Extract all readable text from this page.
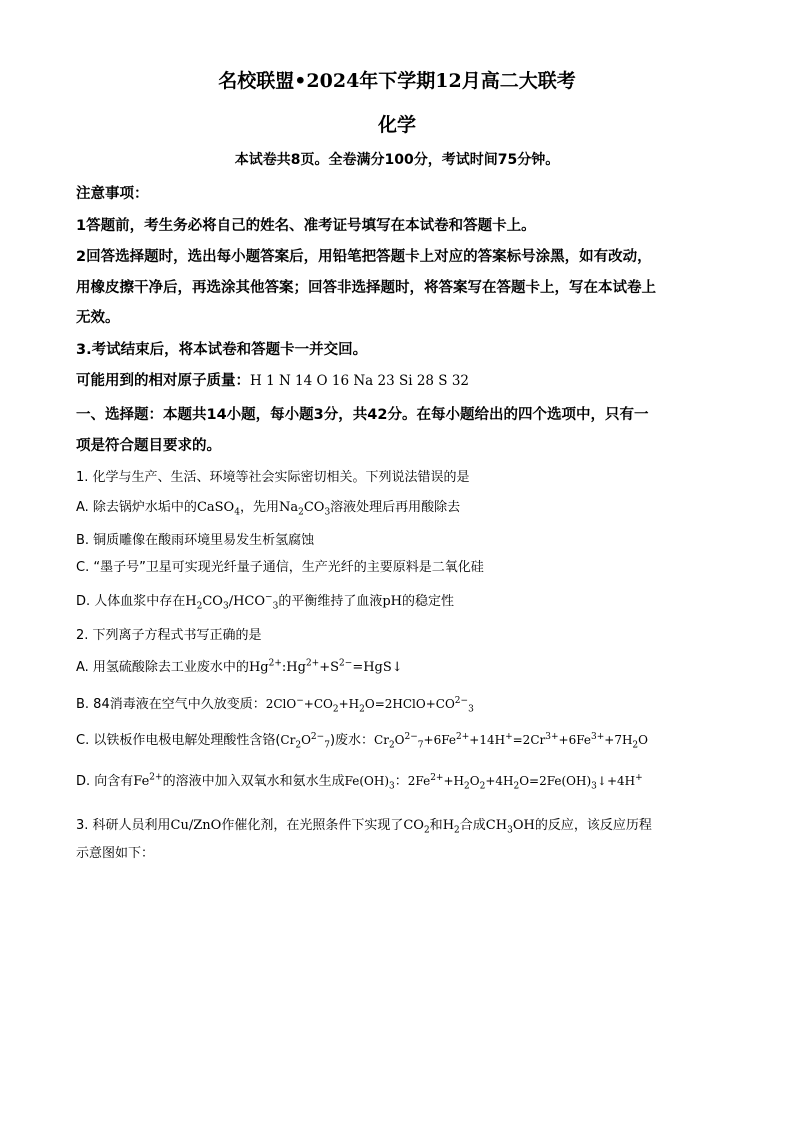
名校联盟•2024年下学期12月高二大联考
化学
本试卷共8页。全卷满分100分，考试时间75分钟。
注意事项：
1答题前，考生务必将自己的姓名、准考证号填写在本试卷和答题卡上。
2回答选择题时，选出每小题答案后，用铅笔把答题卡上对应的答案标号涂黑，如有改动，
用橡皮擦干净后，再选涂其他答案；回答非选择题时，将答案写在答题卡上，写在本试卷上
无效。
3.考试结束后，将本试卷和答题卡一并交回。
可能用到的相对原子质量：H 1 N 14 O 16 Na 23 Si 28 S 32
一、选择题：本题共14小题，每小题3分，共42分。在每小题给出的四个选项中，只有一
项是符合题目要求的。
1. 化学与生产、生活、环境等社会实际密切相关。下列说法错误的是
A. 除去锅炉水垢中的CaSO$_4$，先用$Na_2CO_3$溶液处理后再用酸除去
B. 铜质雕像在酸雨环境里易发生析氢腐蚀
C. “墨子号”卫星可实现光纤量子通信，生产光纤的主要原料是二氧化硅
D. 人体血浆中存在$H_2CO_3/HCO^-_3$的平衡维持了血液pH的稳定性
2. 下列离子方程式书写正确的是
A. 用氢硫酸除去工业废水中的$Hg^{2+}:Hg^{2+}+S^{2-}=HgS↓$
B. 84消毒液在空气中久放变质：$2ClO^-+CO_2+H_2O=2HClO+CO^{2-}_3$
C. 以铁板作电极电解处理酸性含铬$(Cr_2O^{2-}_7)$废水：$Cr_2O^{2-}_7+6Fe^{2+}+14H^+=2Cr^{3+}+6Fe^{3+}+7H_2O$
D. 向含有$Fe^{2+}$的溶液中加入双氧水和氨水生成$Fe(OH)_3$：$2Fe^{2+}+H_2O_2+4H_2O=2Fe(OH)_3↓+4H^+$
3. 科研人员利用Cu/ZnO作催化剂，在光照条件下实现了$CO_2$和$H_2$合成$CH_3OH$的反应，该反应历程
示意图如下：
